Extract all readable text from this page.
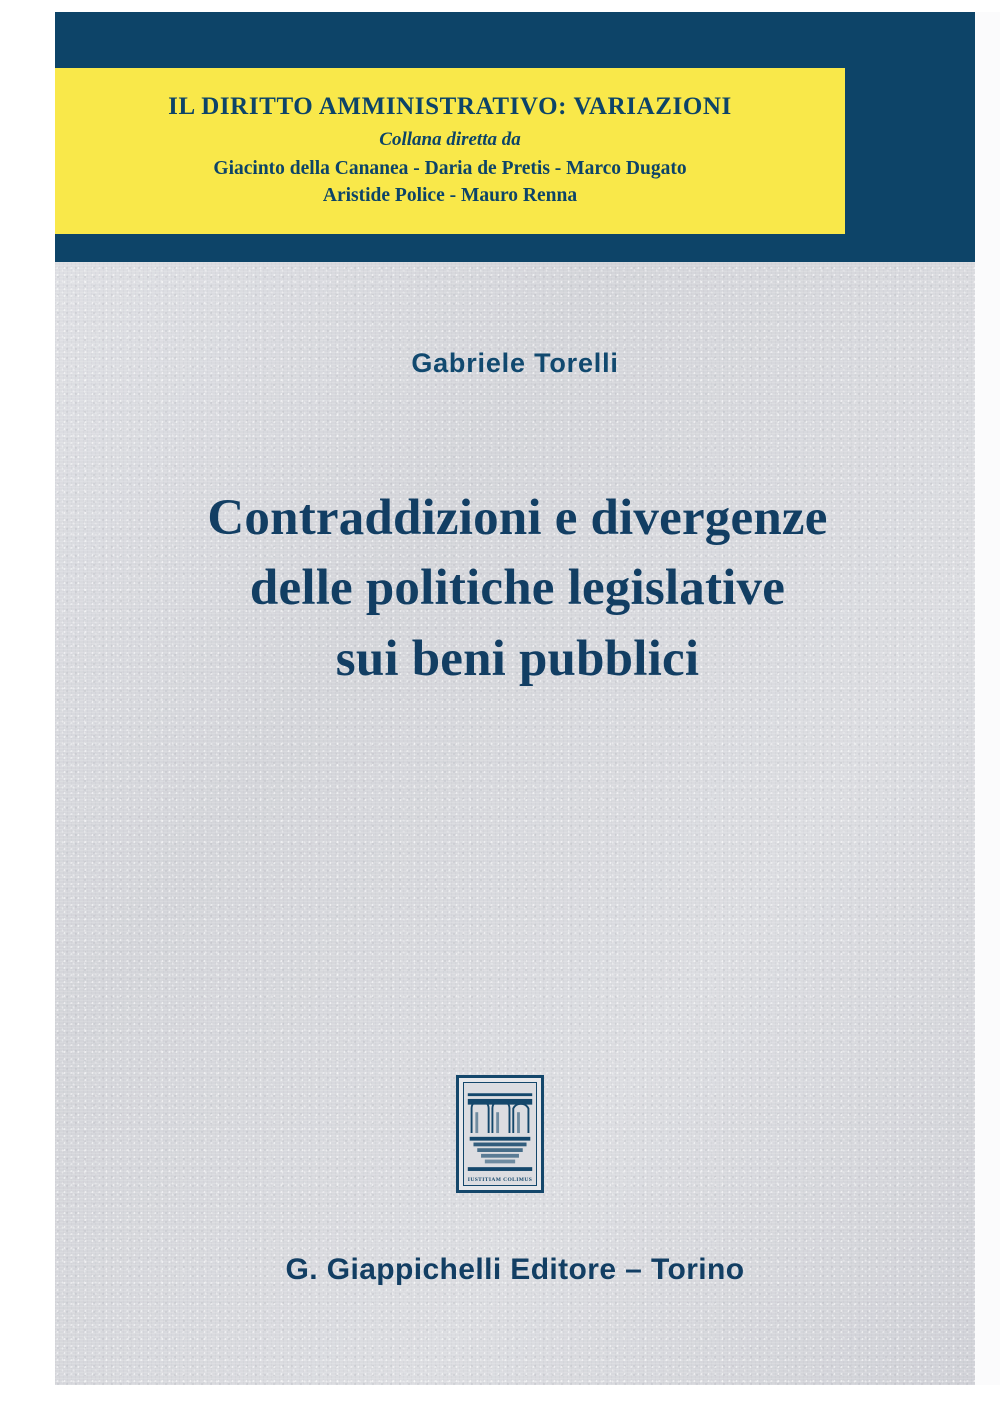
IL DIRITTO AMMINISTRATIVO: VARIAZIONI
Collana diretta da
Giacinto della Cananea - Daria de Pretis - Marco Dugato
Aristide Police - Mauro Renna
Gabriele Torelli
Contraddizioni e divergenze
delle politiche legislative
sui beni pubblici
IUSTITIAM COLIMUS
G. Giappichelli Editore – Torino
